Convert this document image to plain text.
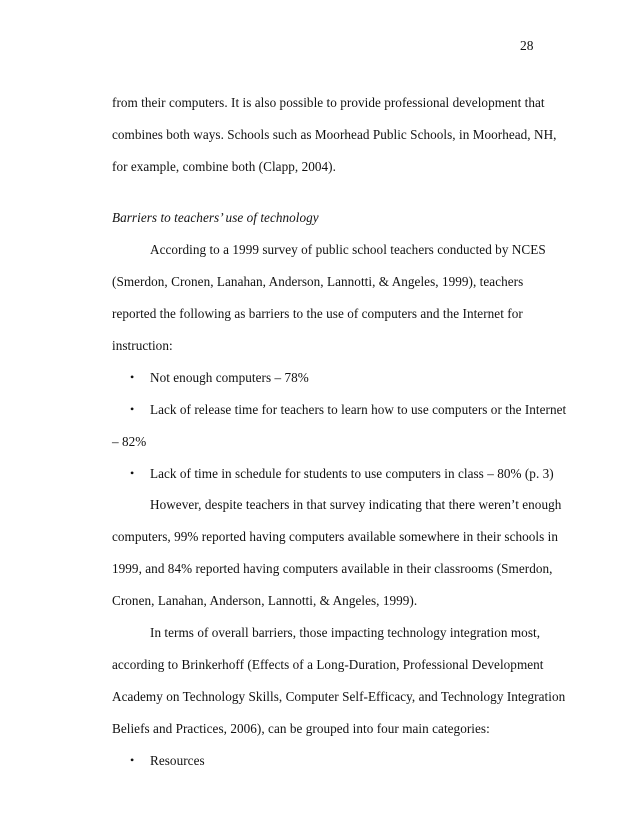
28
from their computers. It is also possible to provide professional development that
combines both ways. Schools such as Moorhead Public Schools, in Moorhead, NH,
for example, combine both (Clapp, 2004).
Barriers to teachers’ use of technology
According to a 1999 survey of public school teachers conducted by NCES
(Smerdon, Cronen, Lanahan, Anderson, Lannotti, & Angeles, 1999), teachers
reported the following as barriers to the use of computers and the Internet for
instruction:
• Not enough computers – 78%
• Lack of release time for teachers to learn how to use computers or the Internet
– 82%
• Lack of time in schedule for students to use computers in class – 80% (p. 3)
However, despite teachers in that survey indicating that there weren’t enough
computers, 99% reported having computers available somewhere in their schools in
1999, and 84% reported having computers available in their classrooms (Smerdon,
Cronen, Lanahan, Anderson, Lannotti, & Angeles, 1999).
In terms of overall barriers, those impacting technology integration most,
according to Brinkerhoff (Effects of a Long-Duration, Professional Development
Academy on Technology Skills, Computer Self-Efficacy, and Technology Integration
Beliefs and Practices, 2006), can be grouped into four main categories:
• Resources
